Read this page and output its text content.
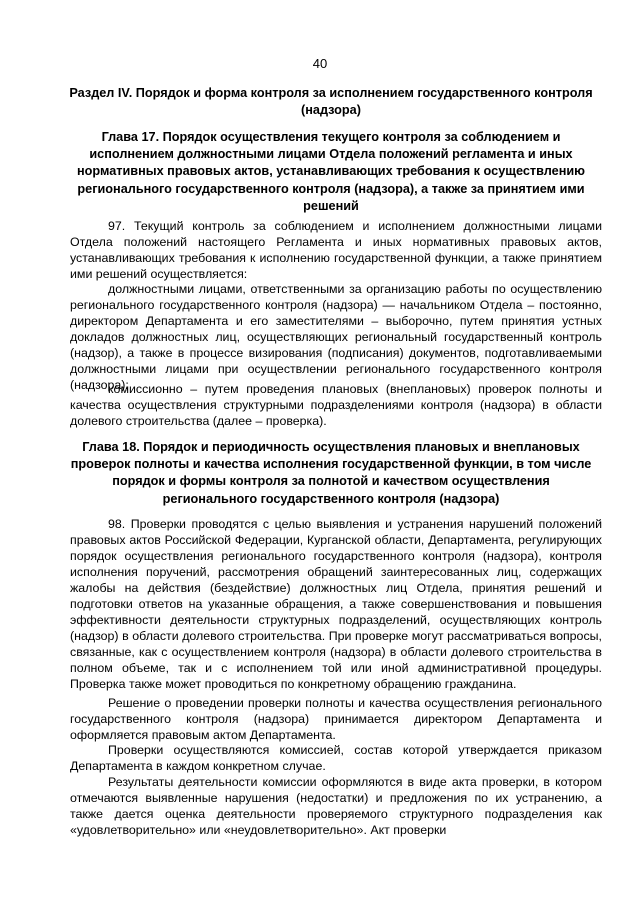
40
Раздел IV. Порядок и форма контроля за исполнением государственного контроля (надзора)
Глава 17. Порядок осуществления текущего контроля за соблюдением и исполнением должностными лицами Отдела положений регламента и иных нормативных правовых актов, устанавливающих требования к осуществлению регионального государственного контроля (надзора), а также за принятием ими решений

97. Текущий контроль за соблюдением и исполнением должностными лицами Отдела положений настоящего Регламента и иных нормативных правовых актов, устанавливающих требования к исполнению государственной функции, а также принятием ими решений осуществляется:

должностными лицами, ответственными за организацию работы по осуществлению регионального государственного контроля (надзора) — начальником Отдела – постоянно, директором Департамента и его заместителями – выборочно, путем принятия устных докладов должностных лиц, осуществляющих региональный государственный контроль (надзор), а также в процессе визирования (подписания) документов, подготавливаемыми должностными лицами при осуществлении регионального государственного контроля (надзора);

комиссионно – путем проведения плановых (внеплановых) проверок полноты и качества осуществления структурными подразделениями контроля (надзора) в области долевого строительства (далее – проверка).

Глава 18. Порядок и периодичность осуществления плановых и внеплановых проверок полноты и качества исполнения государственной функции, в том числе порядок и формы контроля за полнотой и качеством осуществления регионального государственного контроля (надзора)

98. Проверки проводятся с целью выявления и устранения нарушений положений правовых актов Российской Федерации, Курганской области, Департамента, регулирующих порядок осуществления регионального государственного контроля (надзора), контроля исполнения поручений, рассмотрения обращений заинтересованных лиц, содержащих жалобы на действия (бездействие) должностных лиц Отдела, принятия решений и подготовки ответов на указанные обращения, а также совершенствования и повышения эффективности деятельности структурных подразделений, осуществляющих контроль (надзор) в области долевого строительства. При проверке могут рассматриваться вопросы, связанные, как с осуществлением контроля (надзора) в области долевого строительства в полном объеме, так и с исполнением той или иной административной процедуры. Проверка также может проводиться по конкретному обращению гражданина.

Решение о проведении проверки полноты и качества осуществления регионального государственного контроля (надзора) принимается директором Департамента и оформляется правовым актом Департамента.

Проверки осуществляются комиссией, состав которой утверждается приказом Департамента в каждом конкретном случае.

Результаты деятельности комиссии оформляются в виде акта проверки, в котором отмечаются выявленные нарушения (недостатки) и предложения по их устранению, а также дается оценка деятельности проверяемого структурного подразделения как «удовлетворительно» или «неудовлетворительно». Акт проверки
